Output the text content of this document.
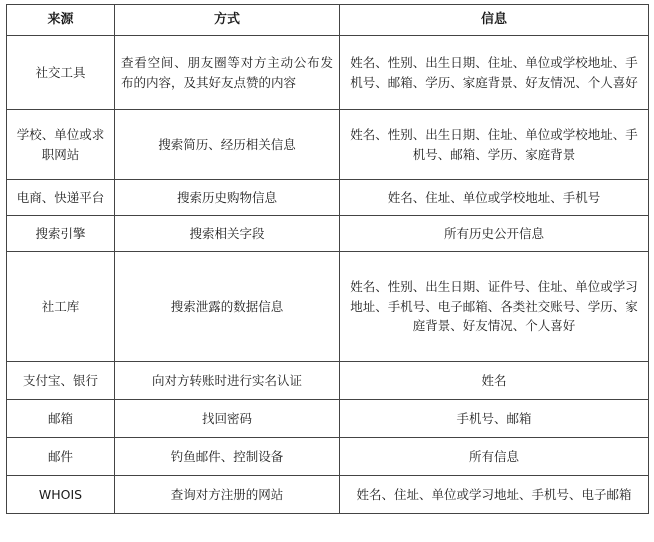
来源	方式	信息
社交工具	查看空间、朋友圈等对方主动公布发布的内容，及其好友点赞的内容	姓名、性别、出生日期、住址、单位或学校地址、手机号、邮箱、学历、家庭背景、好友情况、个人喜好
学校、单位或求职网站	搜索简历、经历相关信息	姓名、性别、出生日期、住址、单位或学校地址、手机号、邮箱、学历、家庭背景
电商、快递平台	搜索历史购物信息	姓名、住址、单位或学校地址、手机号
搜索引擎	搜索相关字段	所有历史公开信息
社工库	搜索泄露的数据信息	姓名、性别、出生日期、证件号、住址、单位或学习地址、手机号、电子邮箱、各类社交账号、学历、家庭背景、好友情况、个人喜好
支付宝、银行	向对方转账时进行实名认证	姓名
邮箱	找回密码	手机号、邮箱
邮件	钓鱼邮件、控制设备	所有信息
WHOIS	查询对方注册的网站	姓名、住址、单位或学习地址、手机号、电子邮箱
